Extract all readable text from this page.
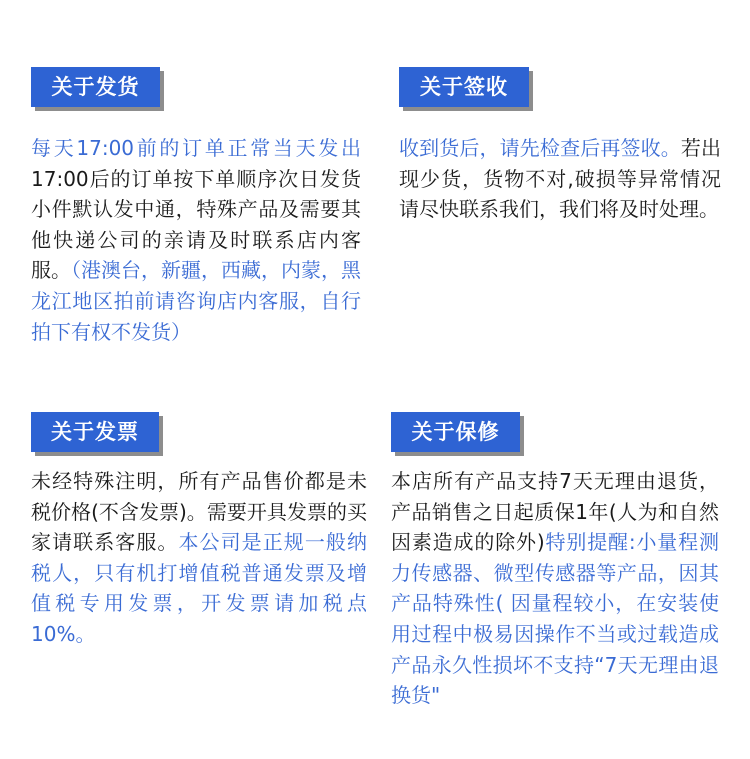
关于发货
每天17:00前的订单正常当天发出17:00后的订单按下单顺序次日发货小件默认发中通，特殊产品及需要其他快递公司的亲请及时联系店内客服。（港澳台，新疆，西藏，内蒙，黑龙江地区拍前请咨询店内客服，自行拍下有权不发货）
关于签收
收到货后，请先检查后再签收。若出现少货，货物不对,破损等异常情况请尽快联系我们，我们将及时处理。
关于发票
未经特殊注明，所有产品售价都是未税价格(不含发票)。需要开具发票的买家请联系客服。本公司是正规一般纳税人，只有机打增值税普通发票及增值税专用发票，开发票请加税点10%。
关于保修
本店所有产品支持7天无理由退货，产品销售之日起质保1年(人为和自然因素造成的除外)特别提醒:小量程测力传感器、微型传感器等产品，因其产品特殊性( 因量程较小，在安装使用过程中极易因操作不当或过载造成产品永久性损坏不支持“7天无理由退换货"
